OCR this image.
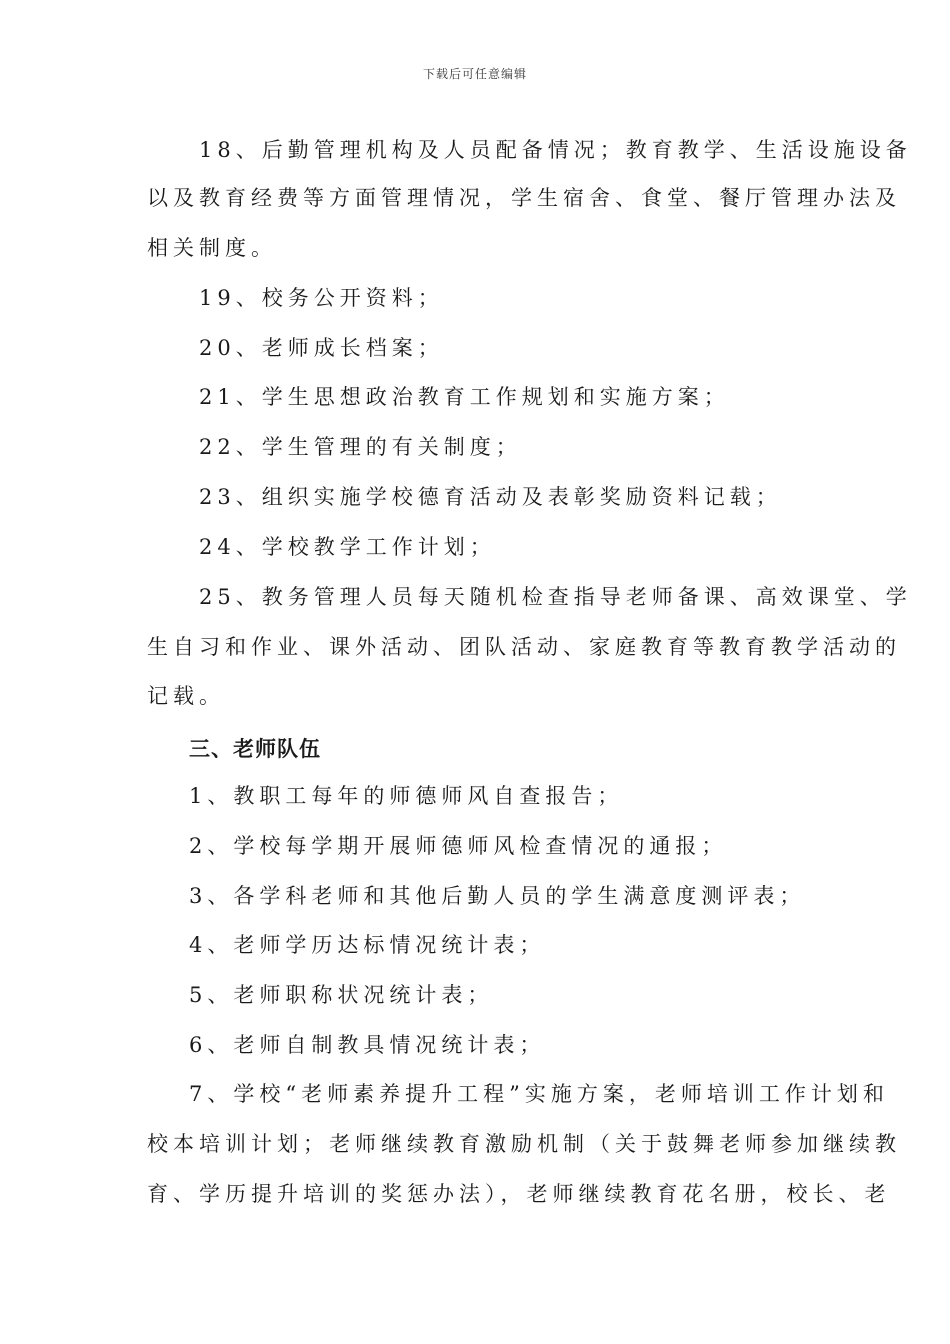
下载后可任意编辑
18、后勤管理机构及人员配备情况；教育教学、生活设施设备
以及教育经费等方面管理情况，学生宿舍、食堂、餐厅管理办法及
相关制度。
19、校务公开资料；
20、老师成长档案；
21、学生思想政治教育工作规划和实施方案；
22、学生管理的有关制度；
23、组织实施学校德育活动及表彰奖励资料记载；
24、学校教学工作计划；
25、教务管理人员每天随机检查指导老师备课、高效课堂、学
生自习和作业、课外活动、团队活动、家庭教育等教育教学活动的
记载。
三、老师队伍
1、教职工每年的师德师风自查报告；
2、学校每学期开展师德师风检查情况的通报；
3、各学科老师和其他后勤人员的学生满意度测评表；
4、老师学历达标情况统计表；
5、老师职称状况统计表；
6、老师自制教具情况统计表；
7、学校“老师素养提升工程”实施方案，老师培训工作计划和
校本培训计划；老师继续教育激励机制（关于鼓舞老师参加继续教
育、学历提升培训的奖惩办法），老师继续教育花名册，校长、老
